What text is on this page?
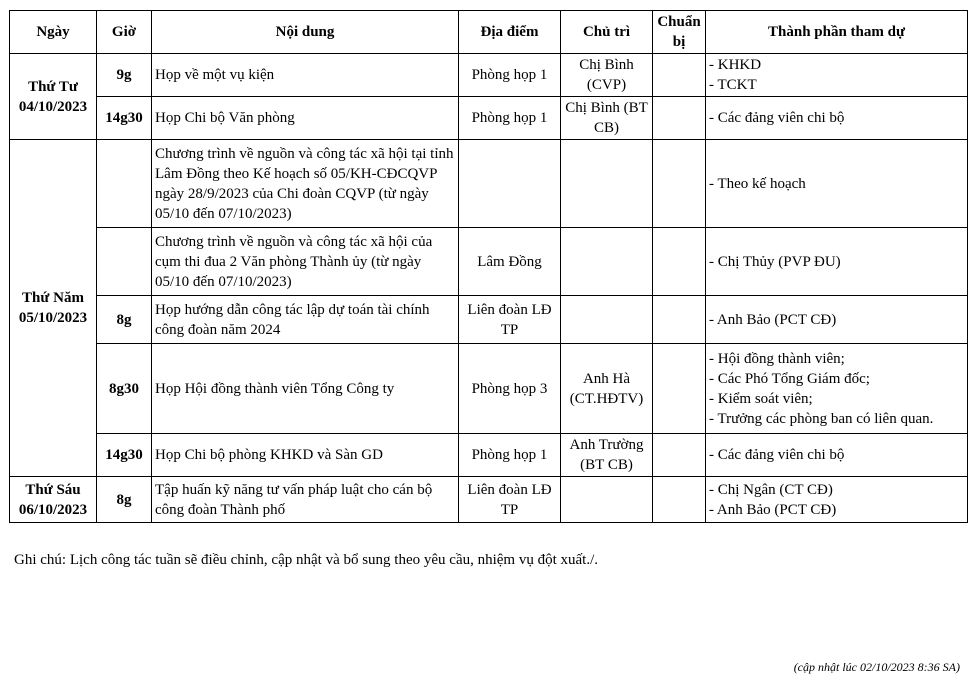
Ngày	Giờ	Nội dung	Địa điểm	Chủ trì	Chuẩn bị	Thành phần tham dự

Thứ Tư
04/10/2023	9g	Họp về một vụ kiện	Phòng họp 1	Chị Bình (CVP)		- KHKD
- TCKT

	14g30	Họp Chi bộ Văn phòng	Phòng họp 1	Chị Bình (BT CB)		- Các đảng viên chi bộ

Thứ Năm
05/10/2023		Chương trình về nguồn và công tác xã hội tại tỉnh Lâm Đồng theo Kế hoạch số 05/KH-CĐCQVP ngày 28/9/2023 của Chi đoàn CQVP (từ ngày 05/10 đến 07/10/2023)				- Theo kế hoạch
		Chương trình về nguồn và công tác xã hội của cụm thi đua 2 Văn phòng Thành ủy (từ ngày 05/10 đến 07/10/2023)	Lâm Đồng			- Chị Thủy (PVP ĐU)
	8g	Họp hướng dẫn công tác lập dự toán tài chính công đoàn năm 2024	Liên đoàn LĐ TP			- Anh Bảo (PCT CĐ)
	8g30	Họp Hội đồng thành viên Tổng Công ty	Phòng họp 3	Anh Hà (CT.HĐTV)		- Hội đồng thành viên;
- Các Phó Tổng Giám đốc;
- Kiểm soát viên;
- Trưởng các phòng ban có liên quan.

	14g30	Họp Chi bộ phòng KHKD và Sàn GD	Phòng họp 1	Anh Trường (BT CB)		- Các đảng viên chi bộ

Thứ Sáu
06/10/2023	8g	Tập huấn kỹ năng tư vấn pháp luật cho cán bộ công đoàn Thành phố	Liên đoàn LĐ TP			- Chị Ngân (CT CĐ)
- Anh Bảo (PCT CĐ)
Ghi chú: Lịch công tác tuần sẽ điều chỉnh, cập nhật và bổ sung theo yêu cầu, nhiệm vụ đột xuất./.
(cập nhật lúc 02/10/2023 8:36 SA)
